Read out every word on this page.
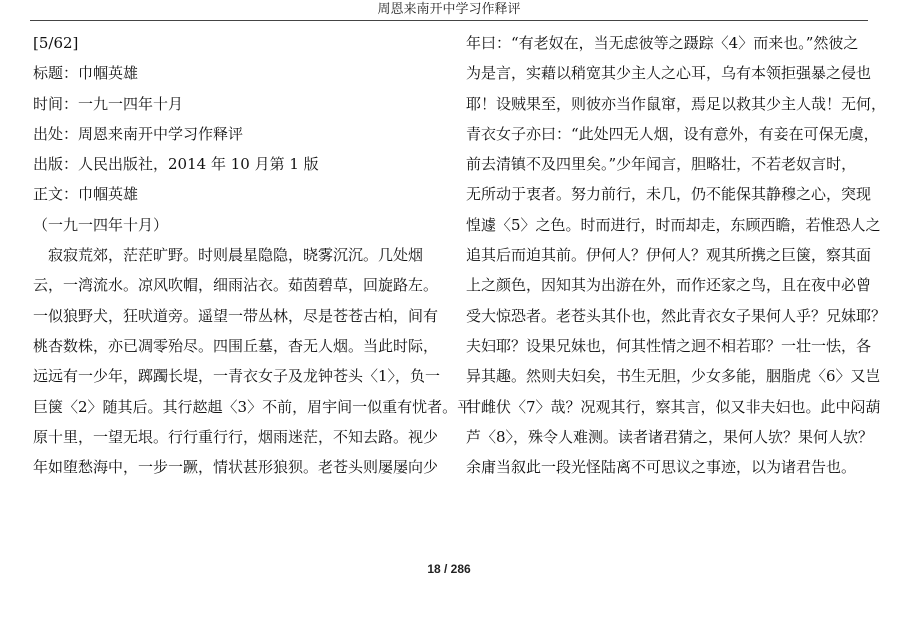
周恩来南开中学习作释评
[5/62]
标题：巾帼英雄
时间：一九一四年十月
出处：周恩来南开中学习作释评
出版：人民出版社，2014 年 10 月第 1 版
正文：巾帼英雄
（一九一四年十月）
　寂寂荒郊，茫茫旷野。时则晨星隐隐，晓雾沉沉。几处烟
云，一湾流水。凉风吹帽，细雨沾衣。茹茵碧草，回旋路左。
一似狼野犬，狂吠道旁。遥望一带丛林，尽是苍苍古柏，间有
桃杏数株，亦已凋零殆尽。四围丘墓，杳无人烟。当此时际，
远远有一少年，踯躅长堤，一青衣女子及龙钟苍头〈1〉，负一
巨箧〈2〉随其后。其行趑趄〈3〉不前，眉宇间一似重有忧者。平
原十里，一望无垠。行行重行行，烟雨迷茫，不知去路。视少
年如堕愁海中，一步一蹶，情状甚形狼狈。老苍头则屡屡向少
年曰：“有老奴在，当无虑彼等之蹑踪〈4〉而来也。”然彼之
为是言，实藉以稍宽其少主人之心耳，乌有本领拒强暴之侵也
耶！设贼果至，则彼亦当作鼠窜，焉足以救其少主人哉！无何，
青衣女子亦曰：“此处四无人烟，设有意外，有妾在可保无虞，
前去清镇不及四里矣。”少年闻言，胆略壮，不若老奴言时，
无所动于衷者。努力前行，未几，仍不能保其静穆之心，突现
惶遽〈5〉之色。时而进行，时而却走，东顾西瞻，若惟恐人之
追其后而迫其前。伊何人？伊何人？观其所携之巨箧，察其面
上之颜色，因知其为出游在外，而作还家之鸟，且在夜中必曾
受大惊恐者。老苍头其仆也，然此青衣女子果何人乎？兄妹耶？
夫妇耶？设果兄妹也，何其性情之迥不相若耶？一壮一怯，各
异其趣。然则夫妇矣，书生无胆，少女多能，胭脂虎〈6〉又岂
甘雌伏〈7〉哉？况观其行，察其言，似又非夫妇也。此中闷葫
芦〈8〉，殊令人难测。读者诸君猜之，果何人欤？果何人欤？
余庸当叙此一段光怪陆离不可思议之事迹，以为诸君告也。
18 / 286
